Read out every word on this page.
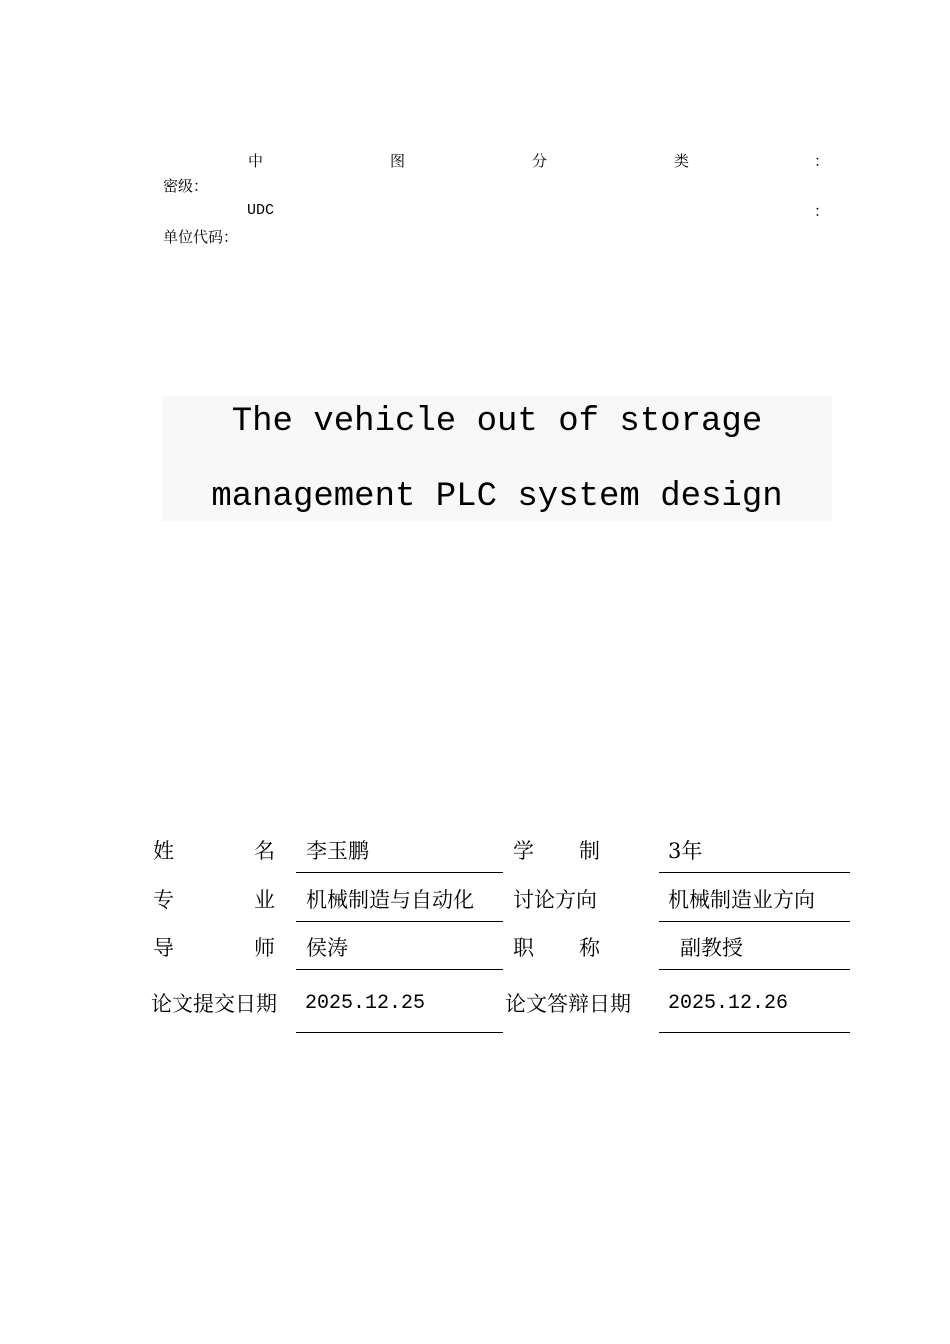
中	图	分	类	：
密级：
UDC	：
单位代码：
The vehicle out of storage
management PLC system design
姓	名 李玉鹏	学 制	3年
专	业 机械制造与自动化 讨论方向	机械制造业方向
导	师 侯涛	职 称	副教授
论文提交日期 2025.12.25	论文答辩日期 2025.12.26
